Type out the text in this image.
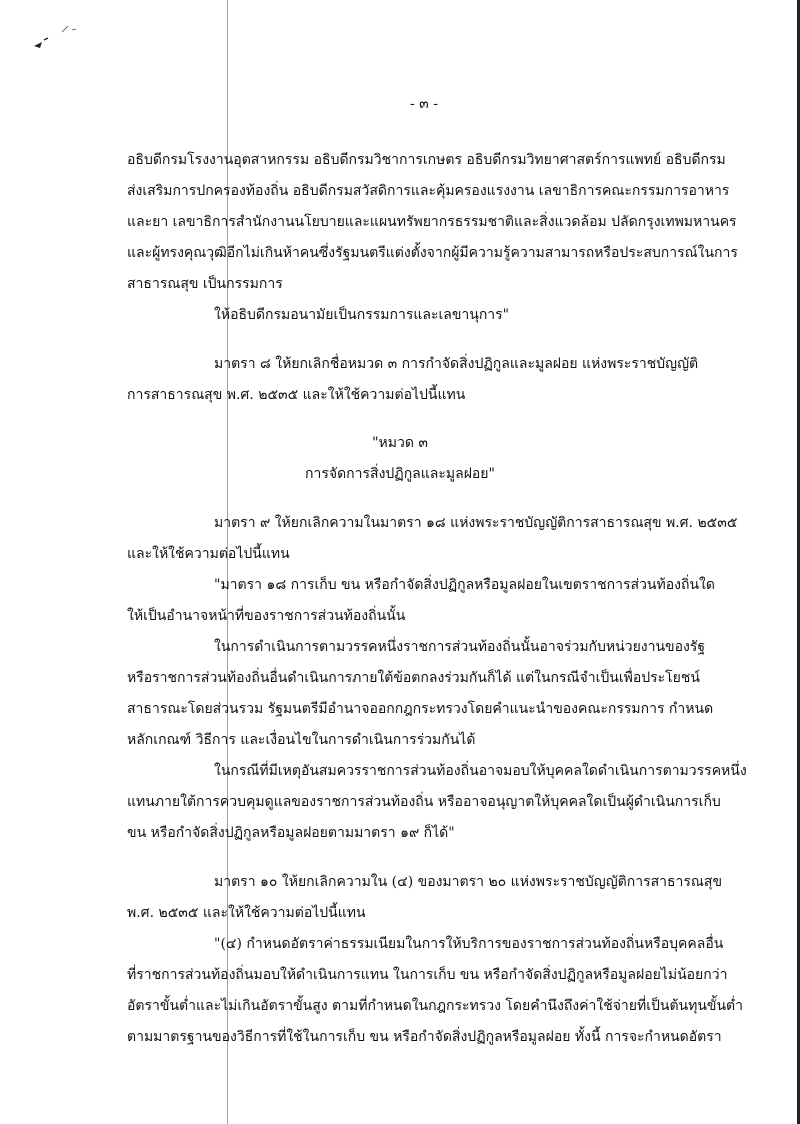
- ๓ -

อธิบดีกรมโรงงานอุตสาหกรรม อธิบดีกรมวิชาการเกษตร อธิบดีกรมวิทยาศาสตร์การแพทย์ อธิบดีกรม

ส่งเสริมการปกครองท้องถิ่น อธิบดีกรมสวัสดิการและคุ้มครองแรงงาน เลขาธิการคณะกรรมการอาหาร

และยา เลขาธิการสำนักงานนโยบายและแผนทรัพยากรธรรมชาติและสิ่งแวดล้อม ปลัดกรุงเทพมหานคร

และผู้ทรงคุณวุฒิอีกไม่เกินห้าคนซึ่งรัฐมนตรีแต่งตั้งจากผู้มีความรู้ความสามารถหรือประสบการณ์ในการ

สาธารณสุข เป็นกรรมการ

ให้อธิบดีกรมอนามัยเป็นกรรมการและเลขานุการ"

มาตรา ๘ ให้ยกเลิกชื่อหมวด ๓ การกำจัดสิ่งปฏิกูลและมูลฝอย แห่งพระราชบัญญัติ

การสาธารณสุข พ.ศ. ๒๕๓๕ และให้ใช้ความต่อไปนี้แทน

"หมวด ๓

การจัดการสิ่งปฏิกูลและมูลฝอย"

มาตรา ๙ ให้ยกเลิกความในมาตรา ๑๘ แห่งพระราชบัญญัติการสาธารณสุข พ.ศ. ๒๕๓๕

และให้ใช้ความต่อไปนี้แทน

"มาตรา ๑๘ การเก็บ ขน หรือกำจัดสิ่งปฏิกูลหรือมูลฝอยในเขตราชการส่วนท้องถิ่นใด

ให้เป็นอำนาจหน้าที่ของราชการส่วนท้องถิ่นนั้น

ในการดำเนินการตามวรรคหนึ่งราชการส่วนท้องถิ่นนั้นอาจร่วมกับหน่วยงานของรัฐ

หรือราชการส่วนท้องถิ่นอื่นดำเนินการภายใต้ข้อตกลงร่วมกันก็ได้ แต่ในกรณีจำเป็นเพื่อประโยชน์

สาธารณะโดยส่วนรวม รัฐมนตรีมีอำนาจออกกฎกระทรวงโดยคำแนะนำของคณะกรรมการ กำหนด

หลักเกณฑ์ วิธีการ และเงื่อนไขในการดำเนินการร่วมกันได้

ในกรณีที่มีเหตุอันสมควรราชการส่วนท้องถิ่นอาจมอบให้บุคคลใดดำเนินการตามวรรคหนึ่ง

แทนภายใต้การควบคุมดูแลของราชการส่วนท้องถิ่น หรืออาจอนุญาตให้บุคคลใดเป็นผู้ดำเนินการเก็บ

ขน หรือกำจัดสิ่งปฏิกูลหรือมูลฝอยตามมาตรา ๑๙ ก็ได้"

มาตรา ๑๐ ให้ยกเลิกความใน (๔) ของมาตรา ๒๐ แห่งพระราชบัญญัติการสาธารณสุข

พ.ศ. ๒๕๓๕ และให้ใช้ความต่อไปนี้แทน

"(๔) กำหนดอัตราค่าธรรมเนียมในการให้บริการของราชการส่วนท้องถิ่นหรือบุคคลอื่น

ที่ราชการส่วนท้องถิ่นมอบให้ดำเนินการแทน ในการเก็บ ขน หรือกำจัดสิ่งปฏิกูลหรือมูลฝอยไม่น้อยกว่า

อัตราขั้นต่ำและไม่เกินอัตราขั้นสูง ตามที่กำหนดในกฎกระทรวง โดยคำนึงถึงค่าใช้จ่ายที่เป็นต้นทุนขั้นต่ำ

ตามมาตรฐานของวิธีการที่ใช้ในการเก็บ ขน หรือกำจัดสิ่งปฏิกูลหรือมูลฝอย ทั้งนี้ การจะกำหนดอัตรา
